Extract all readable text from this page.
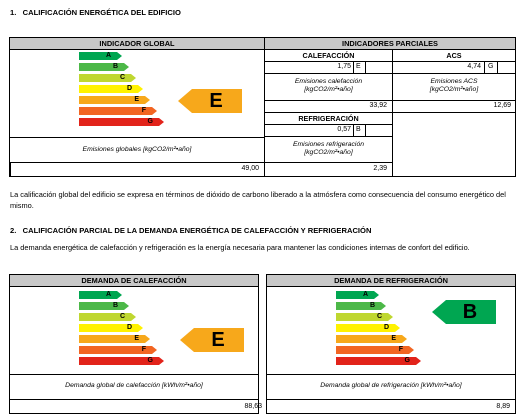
1.   CALIFICACIÓN ENERGÉTICA DEL EDIFICIO
INDICADOR GLOBAL	INDICADORES PARCIALES
A
B
C
D
E
F
G
E
Emisiones globales [kgCO2/m²•año]
49,00
CALEFACCIÓN	ACS
1,75 E	4,74 G
Emisiones calefacción
[kgCO2/m²•año]
Emisiones ACS
[kgCO2/m²•año]
33,92	12,69
REFRIGERACIÓN
0,57 B
Emisiones refrigeración
[kgCO2/m²•año]
2,39
La calificación global del edificio se expresa en términos de dióxido de carbono liberado a la atmósfera como consecuencia del consumo energético del mismo.
2.   CALIFICACIÓN PARCIAL DE LA DEMANDA ENERGÉTICA DE CALEFACCIÓN Y REFRIGERACIÓN
La demanda energética de calefacción y refrigeración es la energía necesaria para mantener las condiciones internas de confort del edificio.
DEMANDA DE CALEFACCIÓN
A
B
C
D
E
F
G
E
Demanda global de calefacción [kWh/m²•año]
88,63
DEMANDA DE REFRIGERACIÓN
A
B
C
D
E
F
G
B
Demanda global de refrigeración [kWh/m²•año]
8,89
